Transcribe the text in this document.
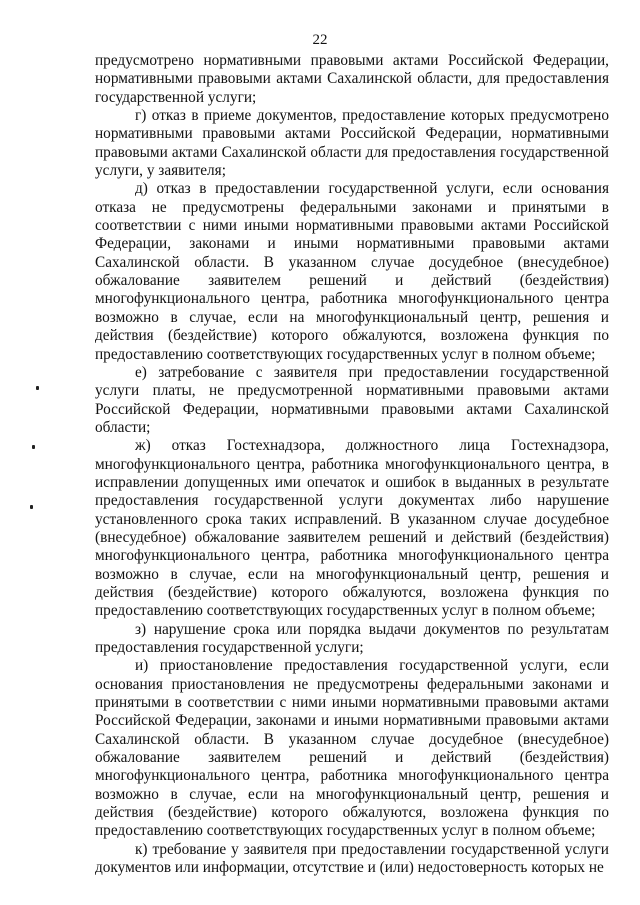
22

предусмотрено нормативными правовыми актами Российской Федерации, нормативными правовыми актами Сахалинской области, для предоставления государственной услуги;

г) отказ в приеме документов, предоставление которых предусмотрено нормативными правовыми актами Российской Федерации, нормативными правовыми актами Сахалинской области для предоставления государственной услуги, у заявителя;

д) отказ в предоставлении государственной услуги, если основания отказа не предусмотрены федеральными законами и принятыми в соответствии с ними иными нормативными правовыми актами Российской Федерации, законами и иными нормативными правовыми актами Сахалинской области. В указанном случае досудебное (внесудебное) обжалование заявителем решений и действий (бездействия) многофункционального центра, работника многофункционального центра возможно в случае, если на многофункциональный центр, решения и действия (бездействие) которого обжалуются, возложена функция по предоставлению соответствующих государственных услуг в полном объеме;

е) затребование с заявителя при предоставлении государственной услуги платы, не предусмотренной нормативными правовыми актами Российской Федерации, нормативными правовыми актами Сахалинской области;

ж) отказ Гостехнадзора, должностного лица Гостехнадзора, многофункционального центра, работника многофункционального центра, в исправлении допущенных ими опечаток и ошибок в выданных в результате предоставления государственной услуги документах либо нарушение установленного срока таких исправлений. В указанном случае досудебное (внесудебное) обжалование заявителем решений и действий (бездействия) многофункционального центра, работника многофункционального центра возможно в случае, если на многофункциональный центр, решения и действия (бездействие) которого обжалуются, возложена функция по предоставлению соответствующих государственных услуг в полном объеме;

з) нарушение срока или порядка выдачи документов по результатам предоставления государственной услуги;

и) приостановление предоставления государственной услуги, если основания приостановления не предусмотрены федеральными законами и принятыми в соответствии с ними иными нормативными правовыми актами Российской Федерации, законами и иными нормативными правовыми актами Сахалинской области. В указанном случае досудебное (внесудебное) обжалование заявителем решений и действий (бездействия) многофункционального центра, работника многофункционального центра возможно в случае, если на многофункциональный центр, решения и действия (бездействие) которого обжалуются, возложена функция по предоставлению соответствующих государственных услуг в полном объеме;

к) требование у заявителя при предоставлении государственной услуги документов или информации, отсутствие и (или) недостоверность которых не
